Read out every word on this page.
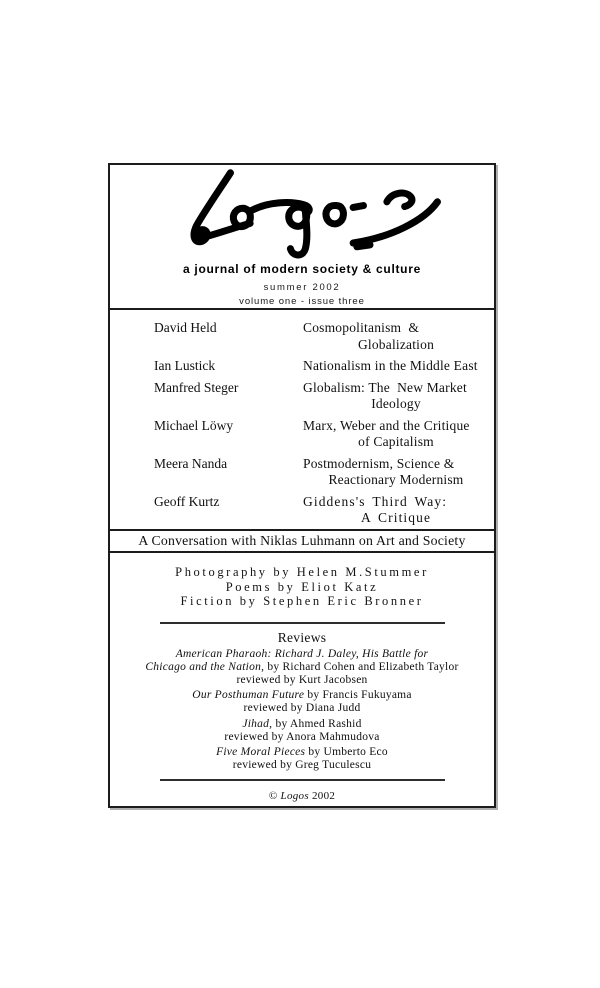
a journal of modern society & culture
summer 2002
volume one - issue three
David Held	Cosmopolitanism  &
Globalization
Ian Lustick	Nationalism in the Middle East
Manfred Steger	Globalism: The  New Market
Ideology
Michael Löwy	Marx, Weber and the Critique
of Capitalism
Meera Nanda	Postmodernism, Science &
Reactionary Modernism
Geoff Kurtz	Giddens's Third Way:
A Critique
A Conversation with Niklas Luhmann on Art and Society
Photography by Helen M.Stummer
Poems by Eliot Katz
Fiction by Stephen Eric Bronner
Reviews
American Pharaoh: Richard J. Daley, His Battle for
Chicago and the Nation, by Richard Cohen and Elizabeth Taylor
reviewed by Kurt Jacobsen
Our Posthuman Future by Francis Fukuyama
reviewed by Diana Judd
Jihad, by Ahmed Rashid
reviewed by Anora Mahmudova
Five Moral Pieces by Umberto Eco
reviewed by Greg Tuculescu
© Logos 2002
